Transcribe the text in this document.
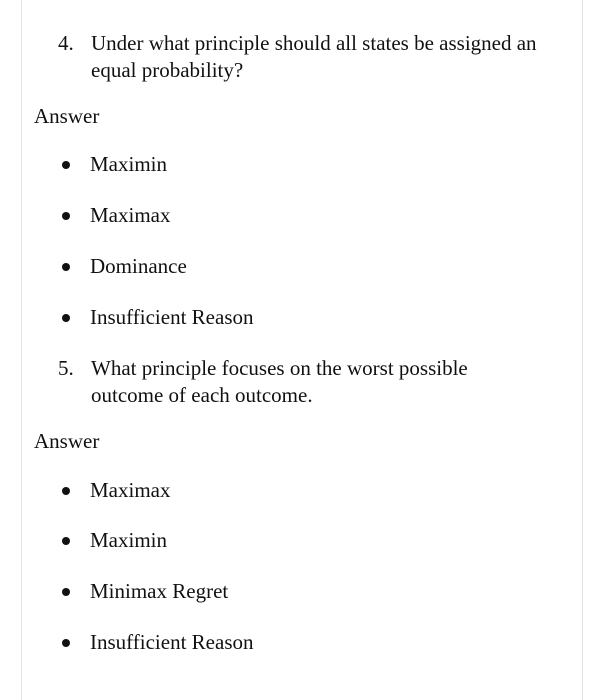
4. Under what principle should all states be assigned an equal probability?
Answer
Maximin
Maximax
Dominance
Insufficient Reason
5. What principle focuses on the worst possible outcome of each outcome.
Answer
Maximax
Maximin
Minimax Regret
Insufficient Reason
